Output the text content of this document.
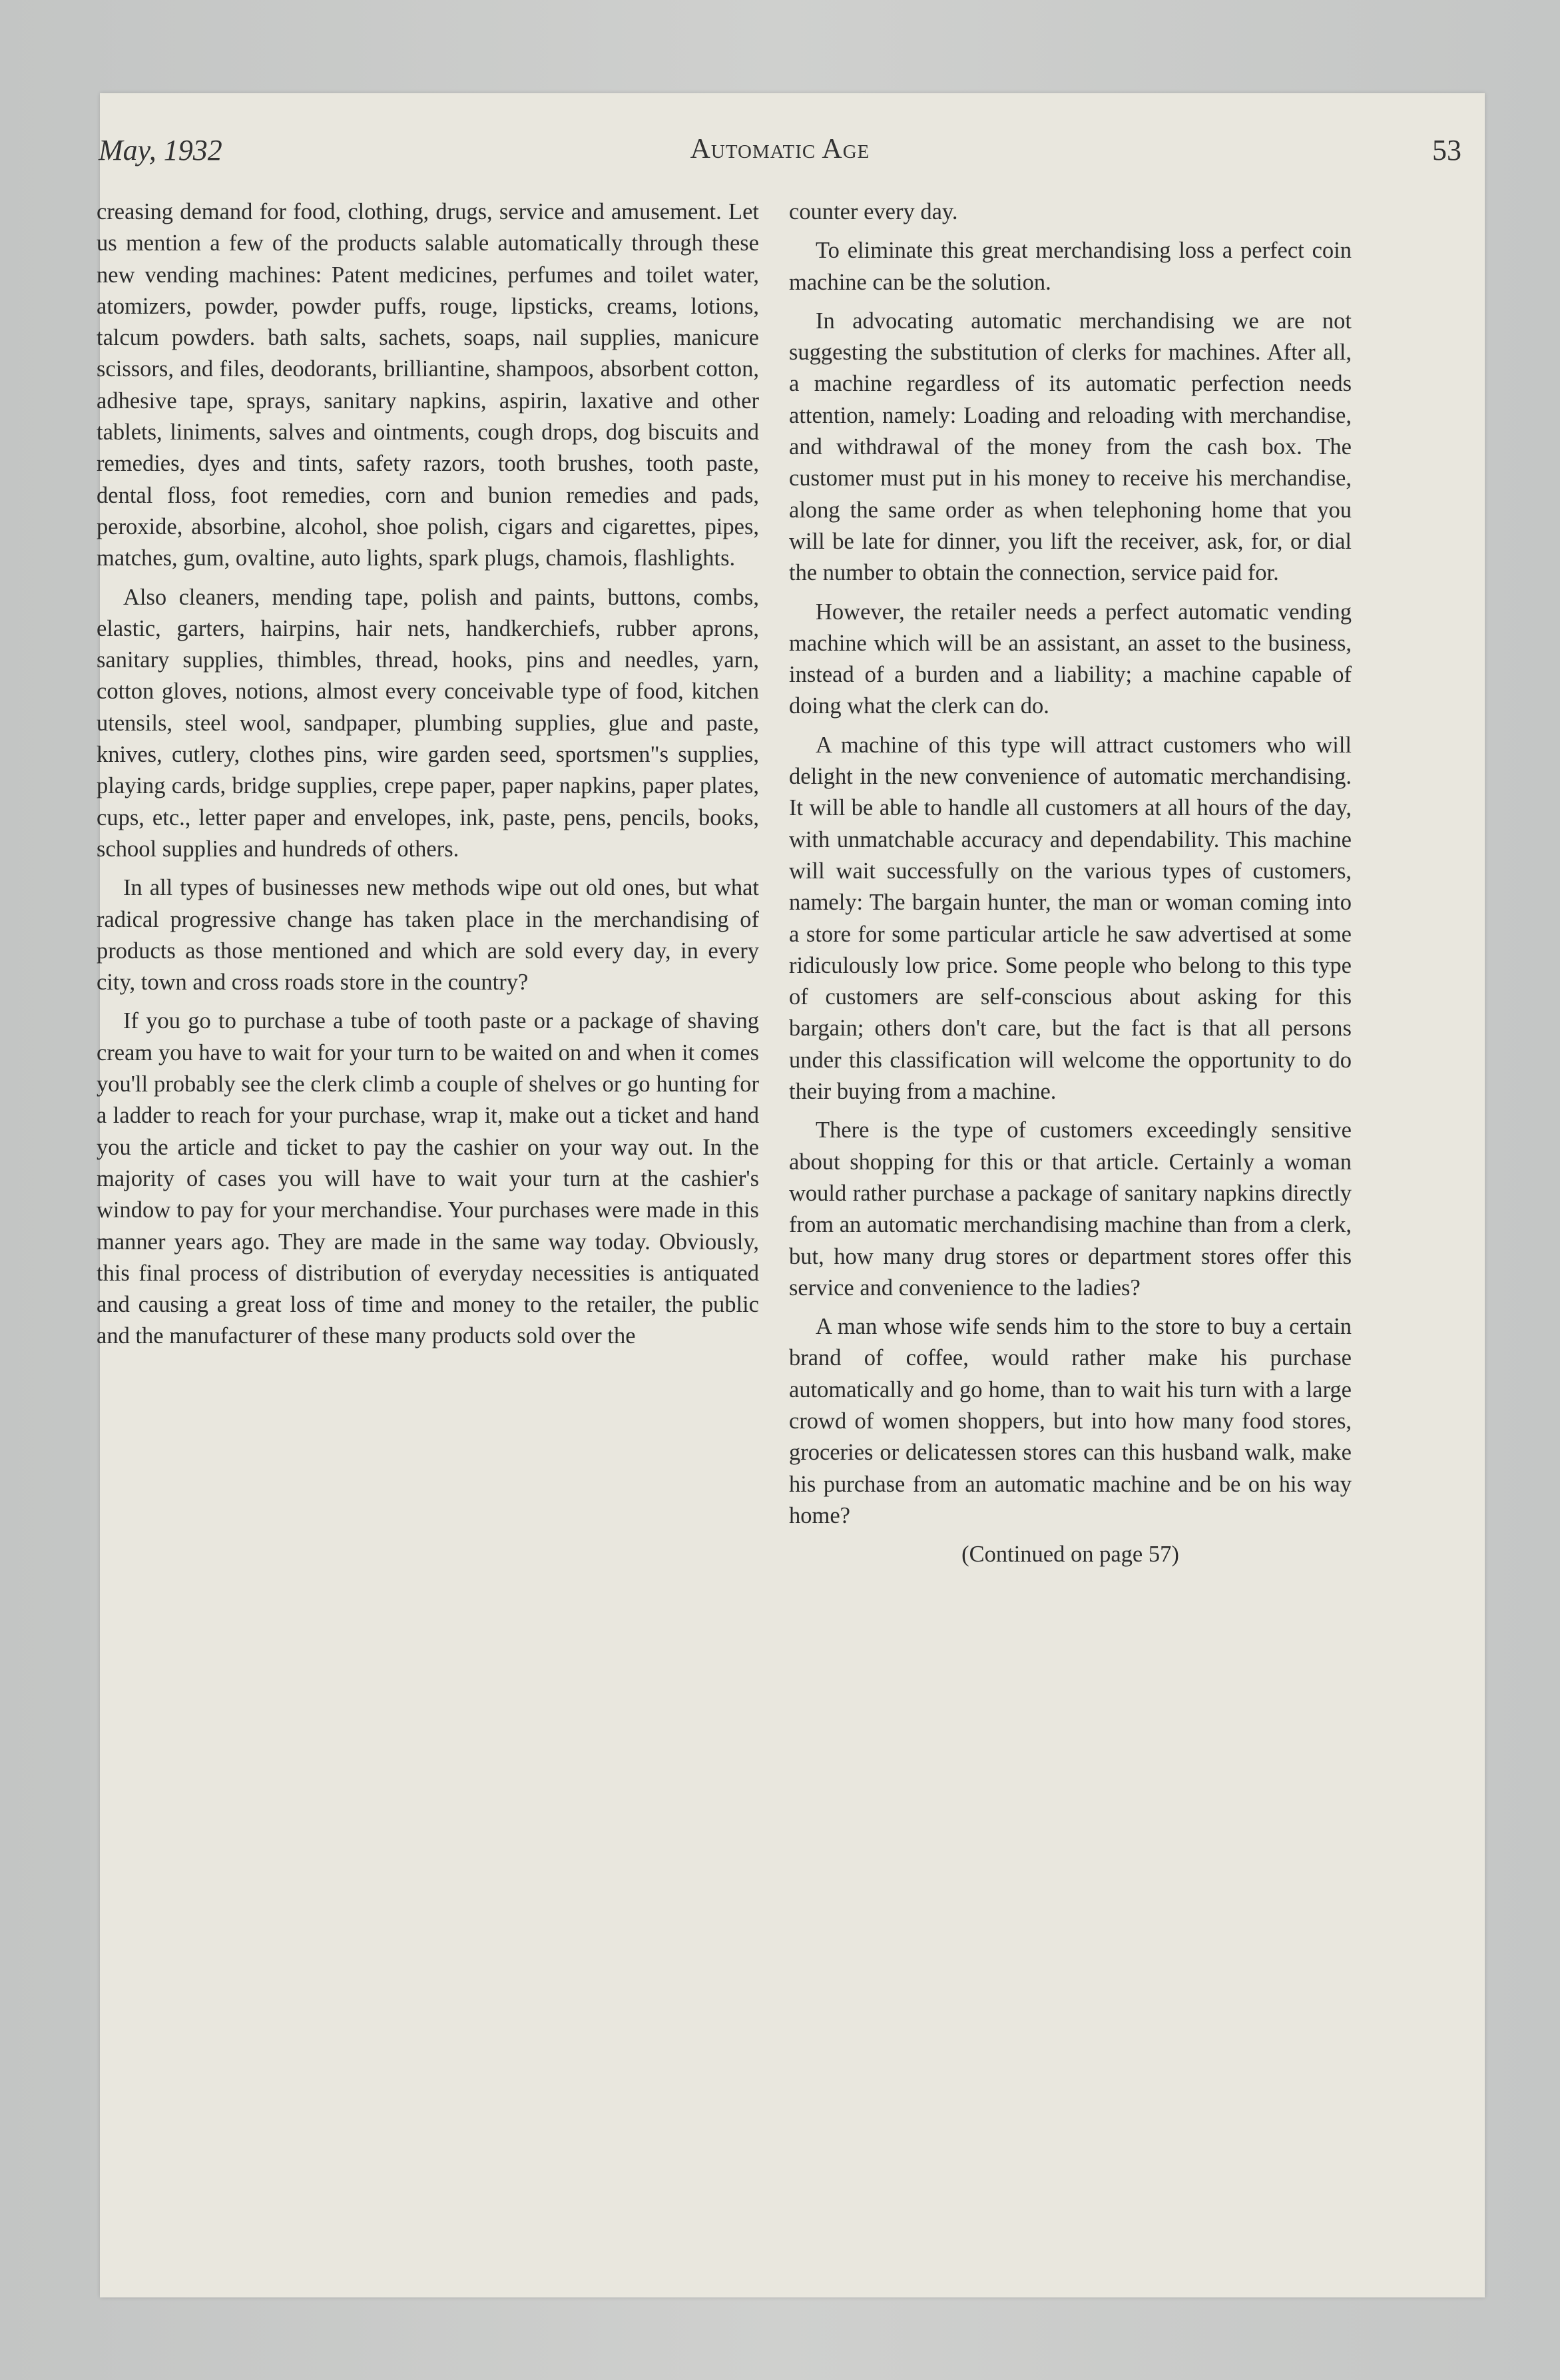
May, 1932	Automatic Age	53

creasing demand for food, clothing, drugs, service and amusement. Let us mention a few of the products salable automatically through these new vending machines: Patent medicines, perfumes and toilet water, atomizers, powder, powder puffs, rouge, lipsticks, creams, lotions, talcum powders. bath salts, sachets, soaps, nail supplies, manicure scissors, and files, deodorants, brilliantine, shampoos, absorbent cotton, adhesive tape, sprays, sanitary napkins, aspirin, laxative and other tablets, liniments, salves and ointments, cough drops, dog biscuits and remedies, dyes and tints, safety razors, tooth brushes, tooth paste, dental floss, foot remedies, corn and bunion remedies and pads, peroxide, absorbine, alcohol, shoe polish, cigars and cigarettes, pipes, matches, gum, ovaltine, auto lights, spark plugs, chamois, flashlights.

Also cleaners, mending tape, polish and paints, buttons, combs, elastic, garters, hairpins, hair nets, handkerchiefs, rubber aprons, sanitary supplies, thimbles, thread, hooks, pins and needles, yarn, cotton gloves, notions, almost every conceivable type of food, kitchen utensils, steel wool, sandpaper, plumbing supplies, glue and paste, knives, cutlery, clothes pins, wire garden seed, sportsmen"s supplies, playing cards, bridge supplies, crepe paper, paper napkins, paper plates, cups, etc., letter paper and envelopes, ink, paste, pens, pencils, books, school supplies and hundreds of others.

In all types of businesses new methods wipe out old ones, but what radical progressive change has taken place in the merchandising of products as those mentioned and which are sold every day, in every city, town and cross roads store in the country?

If you go to purchase a tube of tooth paste or a package of shaving cream you have to wait for your turn to be waited on and when it comes you'll probably see the clerk climb a couple of shelves or go hunting for a ladder to reach for your purchase, wrap it, make out a ticket and hand you the article and ticket to pay the cashier on your way out. In the majority of cases you will have to wait your turn at the cashier's window to pay for your merchandise. Your purchases were made in this manner years ago. They are made in the same way today. Obviously, this final process of distribution of everyday necessities is antiquated and causing a great loss of time and money to the retailer, the public and the manufacturer of these many products sold over the

counter every day.

To eliminate this great merchandising loss a perfect coin machine can be the solution.

In advocating automatic merchandising we are not suggesting the substitution of clerks for machines. After all, a machine regardless of its automatic perfection needs attention, namely: Loading and reloading with merchandise, and withdrawal of the money from the cash box. The customer must put in his money to receive his merchandise, along the same order as when telephoning home that you will be late for dinner, you lift the receiver, ask, for, or dial the number to obtain the connection, service paid for.

However, the retailer needs a perfect automatic vending machine which will be an assistant, an asset to the business, instead of a burden and a liability; a machine capable of doing what the clerk can do.

A machine of this type will attract customers who will delight in the new convenience of automatic merchandising. It will be able to handle all customers at all hours of the day, with unmatchable accuracy and dependability. This machine will wait successfully on the various types of customers, namely: The bargain hunter, the man or woman coming into a store for some particular article he saw advertised at some ridiculously low price. Some people who belong to this type of customers are self-conscious about asking for this bargain; others don't care, but the fact is that all persons under this classification will welcome the opportunity to do their buying from a machine.

There is the type of customers exceedingly sensitive about shopping for this or that article. Certainly a woman would rather purchase a package of sanitary napkins directly from an automatic merchandising machine than from a clerk, but, how many drug stores or department stores offer this service and convenience to the ladies?

A man whose wife sends him to the store to buy a certain brand of coffee, would rather make his purchase automatically and go home, than to wait his turn with a large crowd of women shoppers, but into how many food stores, groceries or delicatessen stores can this husband walk, make his purchase from an automatic machine and be on his way home?

(Continued on page 57)
